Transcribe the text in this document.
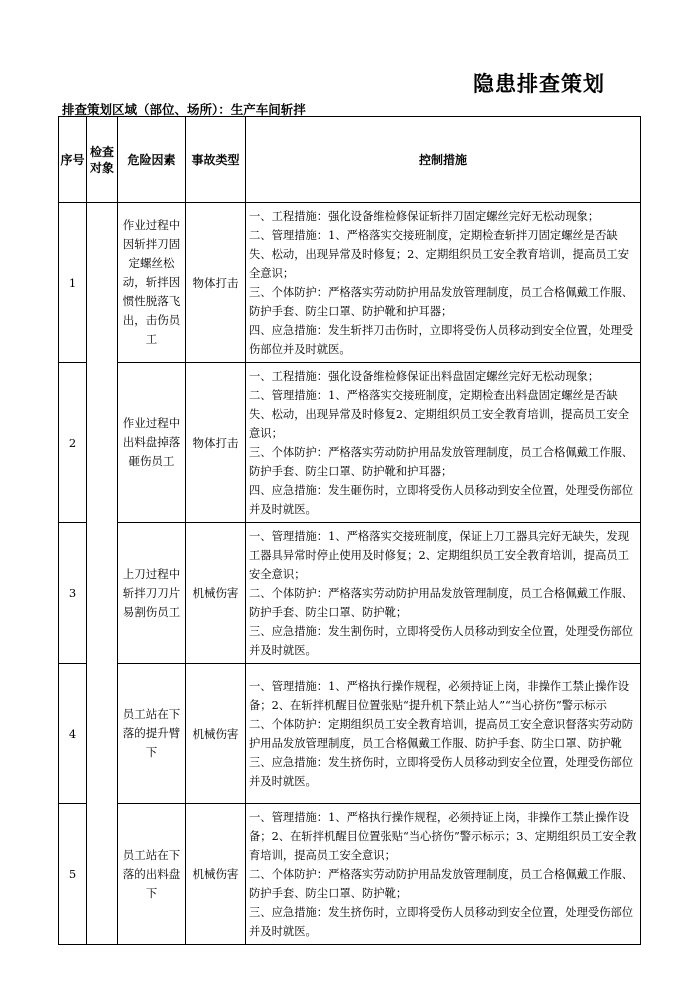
隐患排查策划
排查策划区域（部位、场所）：生产车间斩拌
序号	检查对象	危险因素	事故类型	控制措施
1		作业过程中因斩拌刀固定螺丝松动，斩拌因惯性脱落飞出，击伤员工	物体打击	一、工程措施：强化设备维检修保证斩拌刀固定螺丝完好无松动现象；
二、管理措施：1、严格落实交接班制度，定期检查斩拌刀固定螺丝是否缺失、松动，出现异常及时修复；2、定期组织员工安全教育培训，提高员工安全意识；
三、个体防护：严格落实劳动防护用品发放管理制度，员工合格佩戴工作服、防护手套、防尘口罩、防护靴和护耳器；
四、应急措施：发生斩拌刀击伤时，立即将受伤人员移动到安全位置，处理受伤部位并及时就医。

2		作业过程中出料盘掉落砸伤员工	物体打击	一、工程措施：强化设备维检修保证出料盘固定螺丝完好无松动现象；
二、管理措施：1、严格落实交接班制度，定期检查出料盘固定螺丝是否缺失、松动，出现异常及时修复2、定期组织员工安全教育培训，提高员工安全意识；
三、个体防护：严格落实劳动防护用品发放管理制度，员工合格佩戴工作服、防护手套、防尘口罩、防护靴和护耳器；
四、应急措施：发生砸伤时，立即将受伤人员移动到安全位置，处理受伤部位并及时就医。

3		上刀过程中斩拌刀刀片易割伤员工	机械伤害	一、管理措施：1、严格落实交接班制度，保证上刀工器具完好无缺失，发现工器具异常时停止使用及时修复；2、定期组织员工安全教育培训，提高员工安全意识；
二、个体防护：严格落实劳动防护用品发放管理制度，员工合格佩戴工作服、防护手套、防尘口罩、防护靴；
三、应急措施：发生割伤时，立即将受伤人员移动到安全位置，处理受伤部位并及时就医。

4		员工站在下落的提升臂下	机械伤害	一、管理措施：1、严格执行操作规程，必须持证上岗，非操作工禁止操作设备；2、在斩拌机醒目位置张贴“提升机下禁止站人”“当心挤伤”警示标示
二、个体防护：定期组织员工安全教育培训，提高员工安全意识督落实劳动防护用品发放管理制度，员工合格佩戴工作服、防护手套、防尘口罩、防护靴
三、应急措施：发生挤伤时，立即将受伤人员移动到安全位置，处理受伤部位并及时就医。

5		员工站在下落的出料盘下	机械伤害	一、管理措施：1、严格执行操作规程，必须持证上岗，非操作工禁止操作设备；2、在斩拌机醒目位置张贴“当心挤伤”警示标示；3、定期组织员工安全教育培训，提高员工安全意识；
二、个体防护：严格落实劳动防护用品发放管理制度，员工合格佩戴工作服、防护手套、防尘口罩、防护靴；
三、应急措施：发生挤伤时，立即将受伤人员移动到安全位置，处理受伤部位并及时就医。
